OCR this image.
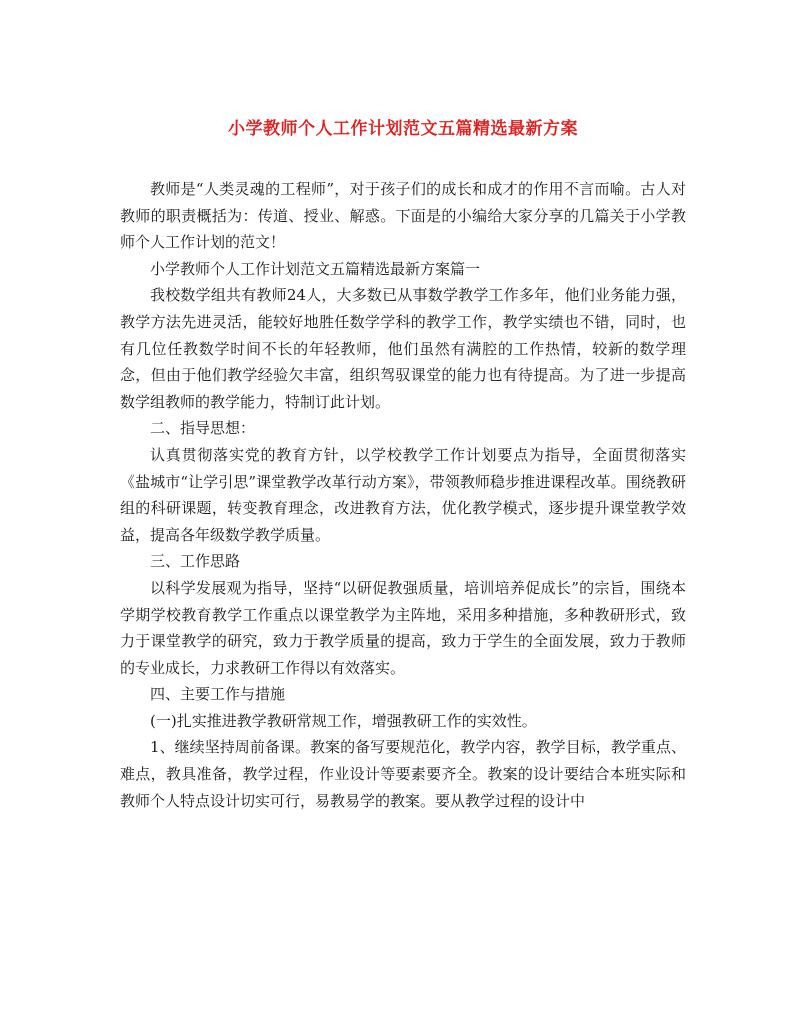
小学教师个人工作计划范文五篇精选最新方案

教师是“人类灵魂的工程师”，对于孩子们的成长和成才的作用不言而喻。古人对教师的职责概括为：传道、授业、解惑。下面是的小编给大家分享的几篇关于小学教师个人工作计划的范文！

小学教师个人工作计划范文五篇精选最新方案篇一

我校数学组共有教师24人，大多数已从事数学教学工作多年，他们业务能力强，教学方法先进灵活，能较好地胜任数学学科的教学工作，教学实绩也不错，同时，也有几位任教数学时间不长的年轻教师，他们虽然有满腔的工作热情，较新的数学理念，但由于他们教学经验欠丰富，组织驾驭课堂的能力也有待提高。为了进一步提高数学组教师的教学能力，特制订此计划。

二、指导思想：

认真贯彻落实党的教育方针，以学校教学工作计划要点为指导，全面贯彻落实《盐城市“让学引思”课堂教学改革行动方案》，带领教师稳步推进课程改革。围绕教研组的科研课题，转变教育理念，改进教育方法，优化教学模式，逐步提升课堂教学效益，提高各年级数学教学质量。

三、工作思路

以科学发展观为指导，坚持“以研促教强质量，培训培养促成长”的宗旨，围绕本学期学校教育教学工作重点以课堂教学为主阵地，采用多种措施，多种教研形式，致力于课堂教学的研究，致力于教学质量的提高，致力于学生的全面发展，致力于教师的专业成长，力求教研工作得以有效落实。

四、主要工作与措施

(一)扎实推进教学教研常规工作，增强教研工作的实效性。

1、继续坚持周前备课。教案的备写要规范化，教学内容，教学目标，教学重点、难点，教具准备，教学过程，作业设计等要素要齐全。教案的设计要结合本班实际和教师个人特点设计切实可行，易教易学的教案。要从教学过程的设计中
